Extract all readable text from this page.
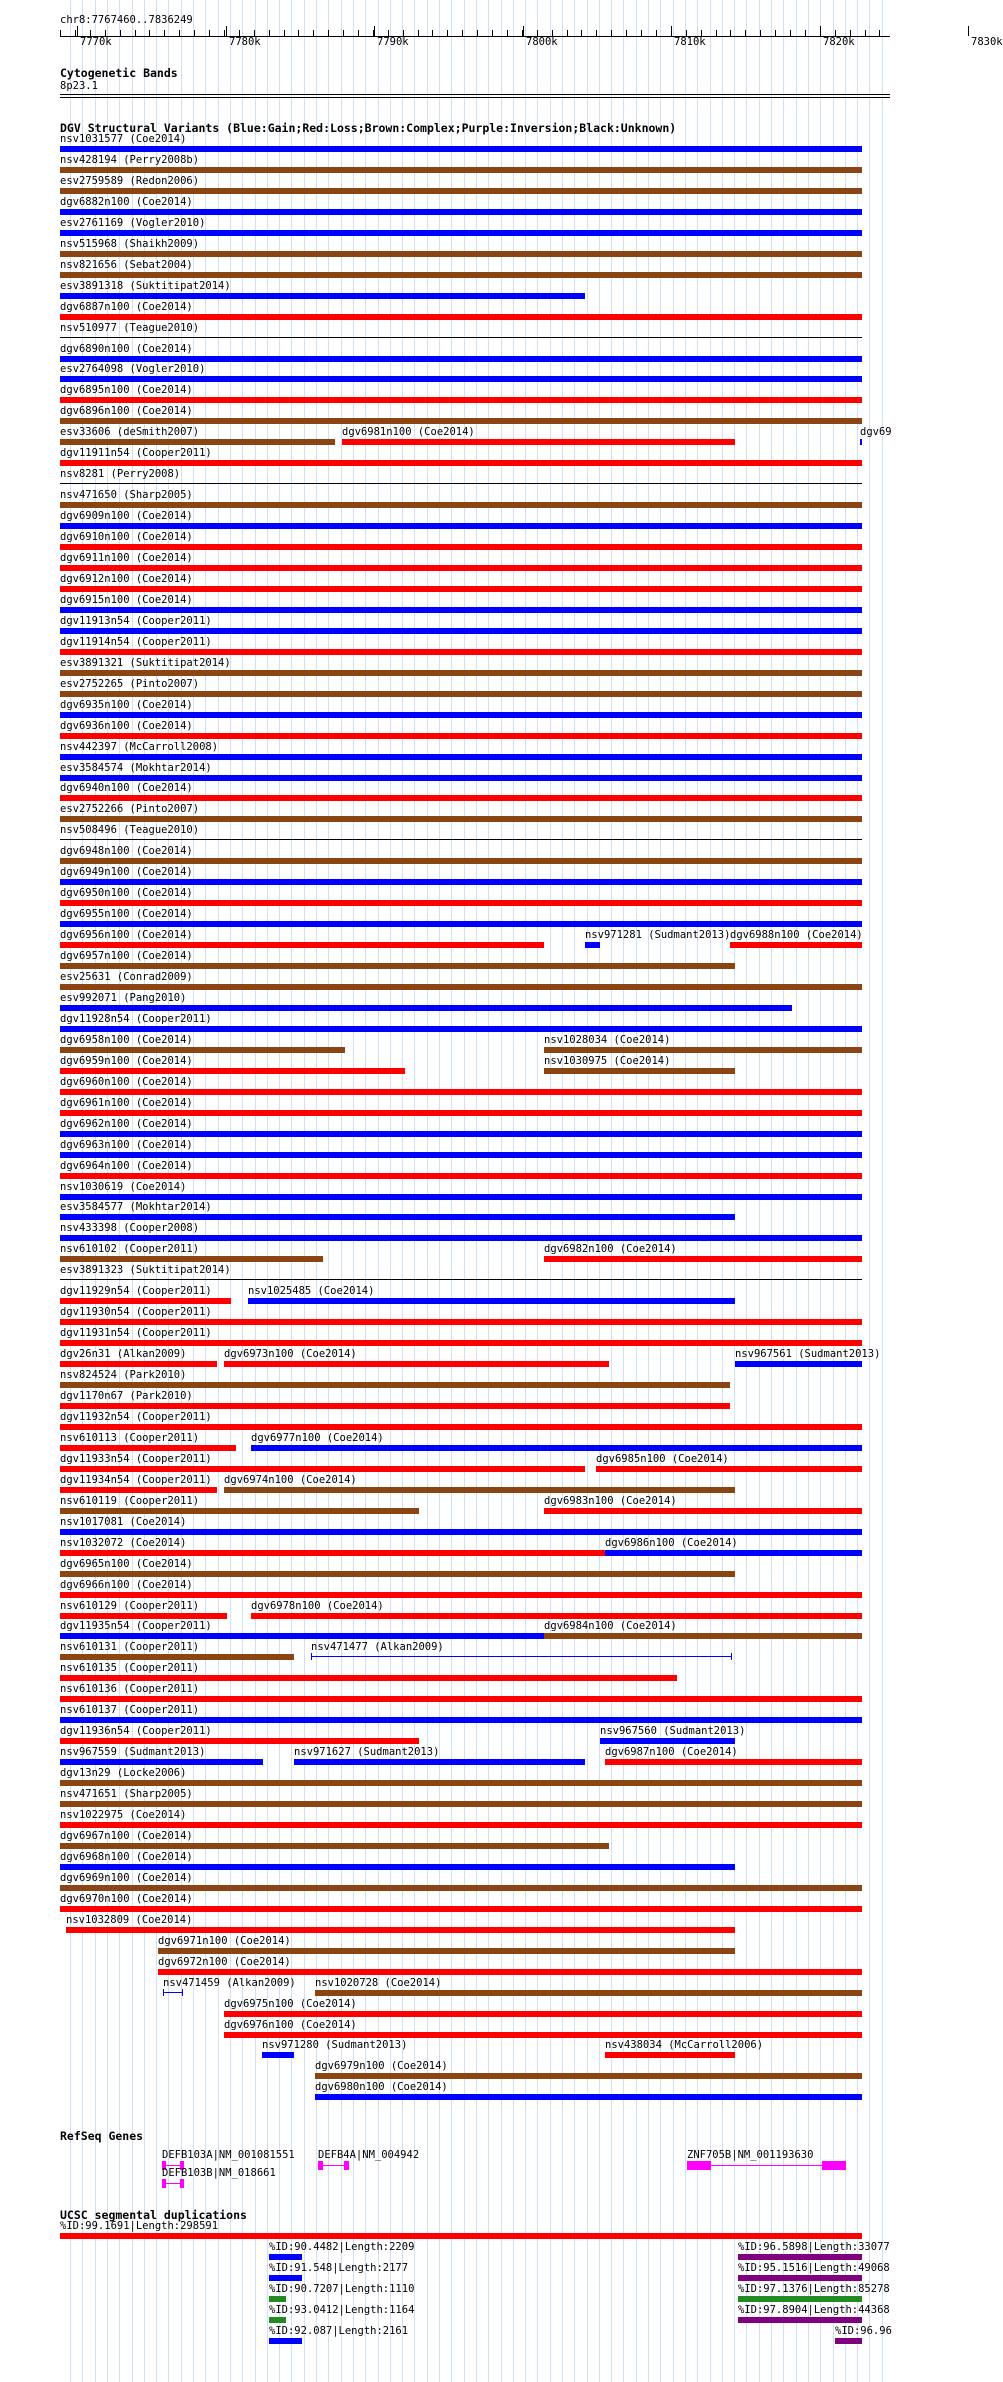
chr8:7767460..7836249
7770k	7780k	7790k	7800k	7810k	7820k	7830k
Cytogenetic Bands
8p23.1
DGV Structural Variants (Blue:Gain;Red:Loss;Brown:Complex;Purple:Inversion;Black:Unknown)
nsv1031577 (Coe2014)
nsv428194 (Perry2008b)
esv2759589 (Redon2006)
dgv6882n100 (Coe2014)
esv2761169 (Vogler2010)
nsv515968 (Shaikh2009)
nsv821656 (Sebat2004)
esv3891318 (Suktitipat2014)
dgv6887n100 (Coe2014)
nsv510977 (Teague2010)
dgv6890n100 (Coe2014)
esv2764098 (Vogler2010)
dgv6895n100 (Coe2014)
dgv6896n100 (Coe2014)
esv33606 (deSmith2007)	dgv6981n100 (Coe2014)	dgv69
dgv11911n54 (Cooper2011)
nsv8281 (Perry2008)
nsv471650 (Sharp2005)
dgv6909n100 (Coe2014)
dgv6910n100 (Coe2014)
dgv6911n100 (Coe2014)
dgv6912n100 (Coe2014)
dgv6915n100 (Coe2014)
dgv11913n54 (Cooper2011)
dgv11914n54 (Cooper2011)
esv3891321 (Suktitipat2014)
esv2752265 (Pinto2007)
dgv6935n100 (Coe2014)
dgv6936n100 (Coe2014)
nsv442397 (McCarroll2008)
esv3584574 (Mokhtar2014)
dgv6940n100 (Coe2014)
esv2752266 (Pinto2007)
nsv508496 (Teague2010)
dgv6948n100 (Coe2014)
dgv6949n100 (Coe2014)
dgv6950n100 (Coe2014)
dgv6955n100 (Coe2014)
dgv6956n100 (Coe2014)	nsv971281 (Sudmant2013) dgv6988n100 (Coe2014)
dgv6957n100 (Coe2014)
esv25631 (Conrad2009)
esv992071 (Pang2010)
dgv11928n54 (Cooper2011)
dgv6958n100 (Coe2014)	nsv1028034 (Coe2014)
dgv6959n100 (Coe2014)	nsv1030975 (Coe2014)
dgv6960n100 (Coe2014)
dgv6961n100 (Coe2014)
dgv6962n100 (Coe2014)
dgv6963n100 (Coe2014)
dgv6964n100 (Coe2014)
nsv1030619 (Coe2014)
esv3584577 (Mokhtar2014)
nsv433398 (Cooper2008)
nsv610102 (Cooper2011)	dgv6982n100 (Coe2014)
esv3891323 (Suktitipat2014)
dgv11929n54 (Cooper2011)	nsv1025485 (Coe2014)
dgv11930n54 (Cooper2011)
dgv11931n54 (Cooper2011)
dgv26n31 (Alkan2009)	dgv6973n100 (Coe2014)	nsv967561 (Sudmant2013)
nsv824524 (Park2010)
dgv1170n67 (Park2010)
dgv11932n54 (Cooper2011)
nsv610113 (Cooper2011)	dgv6977n100 (Coe2014)
dgv11933n54 (Cooper2011)	dgv6985n100 (Coe2014)
dgv11934n54 (Cooper2011) dgv6974n100 (Coe2014)
nsv610119 (Cooper2011)	dgv6983n100 (Coe2014)
nsv1017081 (Coe2014)
nsv1032072 (Coe2014)	dgv6986n100 (Coe2014)
dgv6965n100 (Coe2014)
dgv6966n100 (Coe2014)
nsv610129 (Cooper2011)	dgv6978n100 (Coe2014)
dgv11935n54 (Cooper2011)	dgv6984n100 (Coe2014)
nsv610131 (Cooper2011)	nsv471477 (Alkan2009)
nsv610135 (Cooper2011)
nsv610136 (Cooper2011)
nsv610137 (Cooper2011)
dgv11936n54 (Cooper2011)	nsv967560 (Sudmant2013)
nsv967559 (Sudmant2013)	nsv971627 (Sudmant2013)	dgv6987n100 (Coe2014)
dgv13n29 (Locke2006)
nsv471651 (Sharp2005)
nsv1022975 (Coe2014)
dgv6967n100 (Coe2014)
dgv6968n100 (Coe2014)
dgv6969n100 (Coe2014)
dgv6970n100 (Coe2014)
nsv1032809 (Coe2014)
dgv6971n100 (Coe2014)
dgv6972n100 (Coe2014)
nsv471459 (Alkan2009) nsv1020728 (Coe2014)
dgv6975n100 (Coe2014)
dgv6976n100 (Coe2014)
nsv971280 (Sudmant2013)	nsv438034 (McCarroll2006)
dgv6979n100 (Coe2014)
dgv6980n100 (Coe2014)
RefSeq Genes
DEFB103A|NM_001081551 DEFB4A|NM_004942	ZNF705B|NM_001193630
DEFB103B|NM_018661
UCSC segmental duplications
%ID:99.1691|Length:298591
%ID:90.4482|Length:2209	%ID:96.5898|Length:33077
%ID:91.548|Length:2177	%ID:95.1516|Length:49068
%ID:90.7207|Length:1110	%ID:97.1376|Length:85278
%ID:93.0412|Length:1164	%ID:97.8904|Length:44368
%ID:92.087|Length:2161	%ID:96.96
